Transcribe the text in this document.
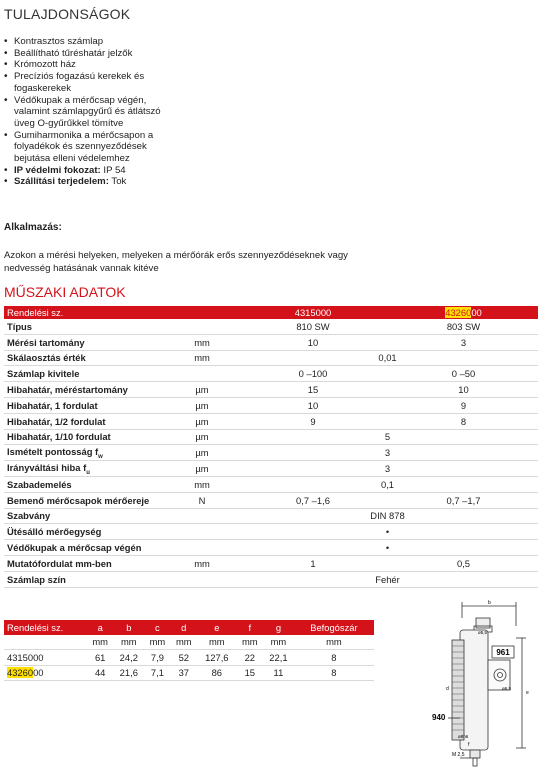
TULAJDONSÁGOK
• Kontrasztos számlap
• Beállítható tűréshatár jelzők
• Krómozott ház
• Precíziós fogazású kerekek és fogaskerekek
• Védőkupak a mérőcsap végén, valamint számlapgyűrű és átlátszó üveg O-gyűrűkkel tömítve
• Gumiharmonika a mérőcsapon a folyadékok és szennyeződések bejutása elleni védelemhez
• IP védelmi fokozat: IP 54
• Szállítási terjedelem: Tok
Alkalmazás:
Azokon a mérési helyeken, melyeken a mérőórák erős szennyeződéseknek vagy nedvesség hatásának vannak kitéve
MŰSZAKI ADATOK
Rendelési sz.		4315000	4326000
Típus		810 SW	803 SW
Mérési tartomány	mm	10	3
Skálaosztás érték	mm	0,01	
Számlap kivitele		0 –100	0 –50
Hibahatár, méréstartomány	µm	15	10
Hibahatár, 1 fordulat	µm	10	9
Hibahatár, 1/2 fordulat	µm	9	8
Hibahatár, 1/10 fordulat	µm	5	
Ismételt pontosság $f_w$	µm	3	
Irányváltási hiba $f_u$	µm	3	
Szabademelés	mm	0,1	
Bemenő mérőcsapok mérőereje	N	0,7 –1,6	0,7 –1,7
Szabvány		DIN 878	
Ütésálló mérőegység		•	
Védőkupak a mérőcsap végén		•	
Mutatófordulat mm-ben	mm	1	0,5
Számlap szín		Fehér	
Rendelési sz.	a	b	c	d	e	f	g	Befogószár
	mm	mm	mm	mm	mm	mm	mm	mm
4315000	61	24,2	7,9	52	127,6	22	22,1	8
4326000	44	21,6	7,1	37	86	15	11	8
961
940
b
e
d
f
M 2,5
ø8h6
ø6,5
ø5,5
